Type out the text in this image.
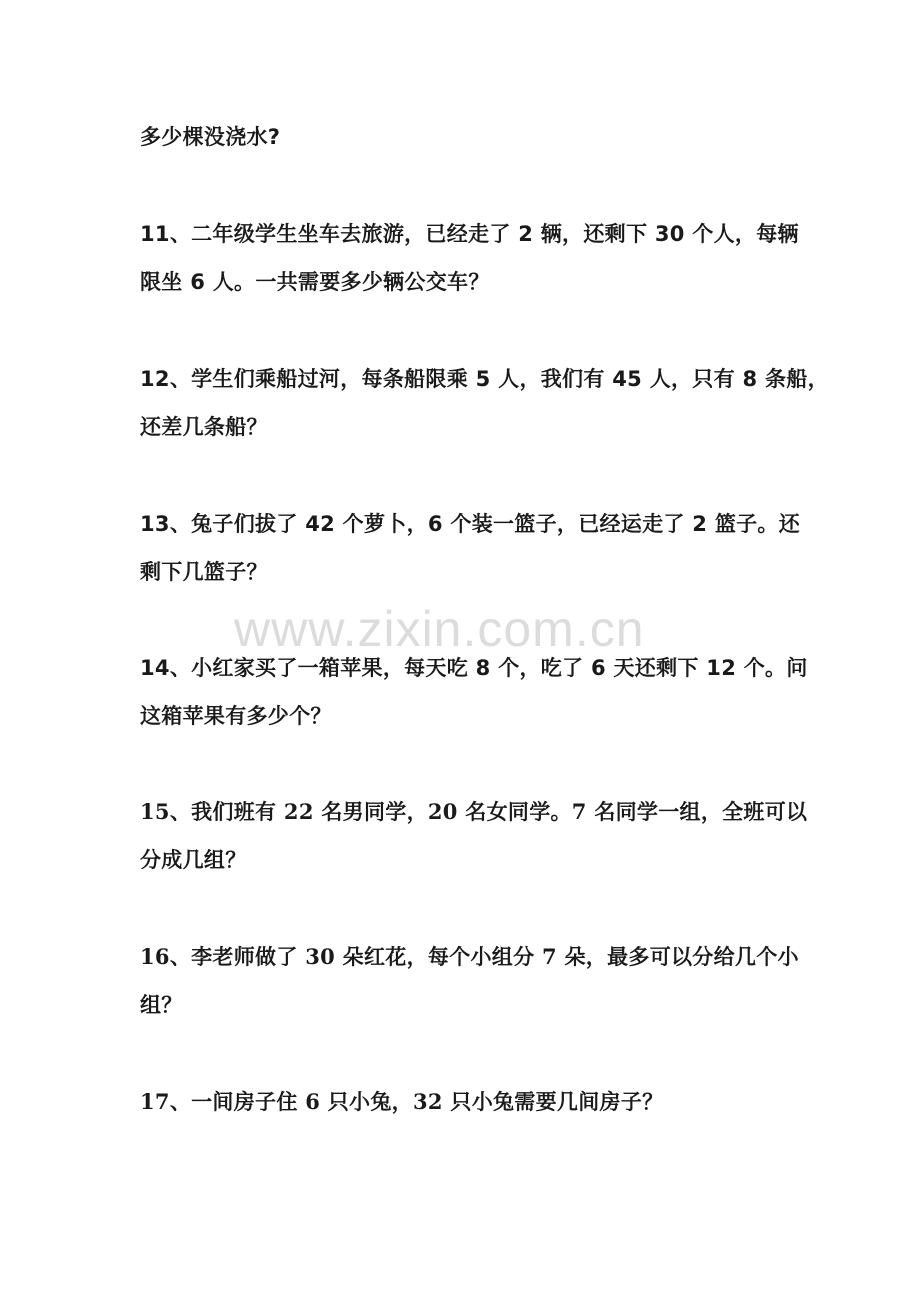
多少棵没浇水?
11、二年级学生坐车去旅游，已经走了 2 辆，还剩下 30 个人，每辆
限坐 6 人。一共需要多少辆公交车？
12、学生们乘船过河，每条船限乘 5 人，我们有 45 人，只有 8 条船，
还差几条船？
13、兔子们拔了 42 个萝卜，6 个装一篮子，已经运走了 2 篮子。还
剩下几篮子？
www.zixin.com.cn
14、小红家买了一箱苹果，每天吃 8 个，吃了 6 天还剩下 12 个。问
这箱苹果有多少个？
15、我们班有 22 名男同学，20 名女同学。7 名同学一组，全班可以
分成几组？
16、李老师做了 30 朵红花，每个小组分 7 朵，最多可以分给几个小
组？
17、一间房子住 6 只小兔，32 只小兔需要几间房子？
